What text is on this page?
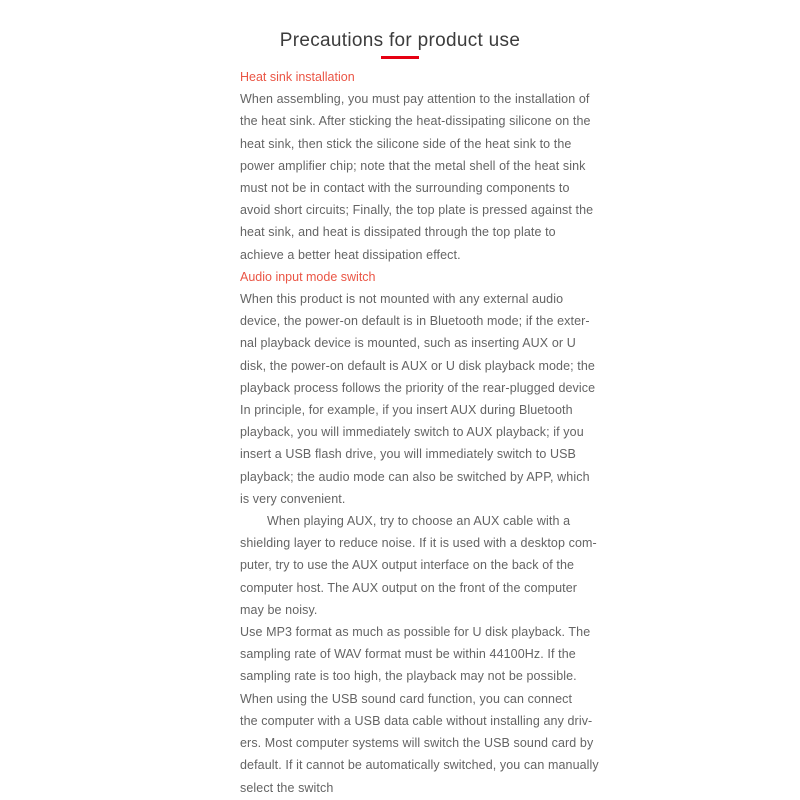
Precautions for product use
Heat sink installation
When assembling, you must pay attention to the installation of
the heat sink. After sticking the heat-dissipating silicone on the
heat sink, then stick the silicone side of the heat sink to the
power amplifier chip; note that the metal shell of the heat sink
must not be in contact with the surrounding components to
avoid short circuits; Finally, the top plate is pressed against the
heat sink, and heat is dissipated through the top plate to
achieve a better heat dissipation effect.
Audio input mode switch
When this product is not mounted with any external audio
device, the power-on default is in Bluetooth mode; if the exter-
nal playback device is mounted, such as inserting AUX or U
disk, the power-on default is AUX or U disk playback mode; the
playback process follows the priority of the rear-plugged device
In principle, for example, if you insert AUX during Bluetooth
playback, you will immediately switch to AUX playback; if you
insert a USB flash drive, you will immediately switch to USB
playback; the audio mode can also be switched by APP, which
is very convenient.
When playing AUX, try to choose an AUX cable with a
shielding layer to reduce noise. If it is used with a desktop com-
puter, try to use the AUX output interface on the back of the
computer host. The AUX output on the front of the computer
may be noisy.
Use MP3 format as much as possible for U disk playback. The
sampling rate of WAV format must be within 44100Hz. If the
sampling rate is too high, the playback may not be possible.
When using the USB sound card function, you can connect
the computer with a USB data cable without installing any driv-
ers. Most computer systems will switch the USB sound card by
default. If it cannot be automatically switched, you can manually
select the switch
